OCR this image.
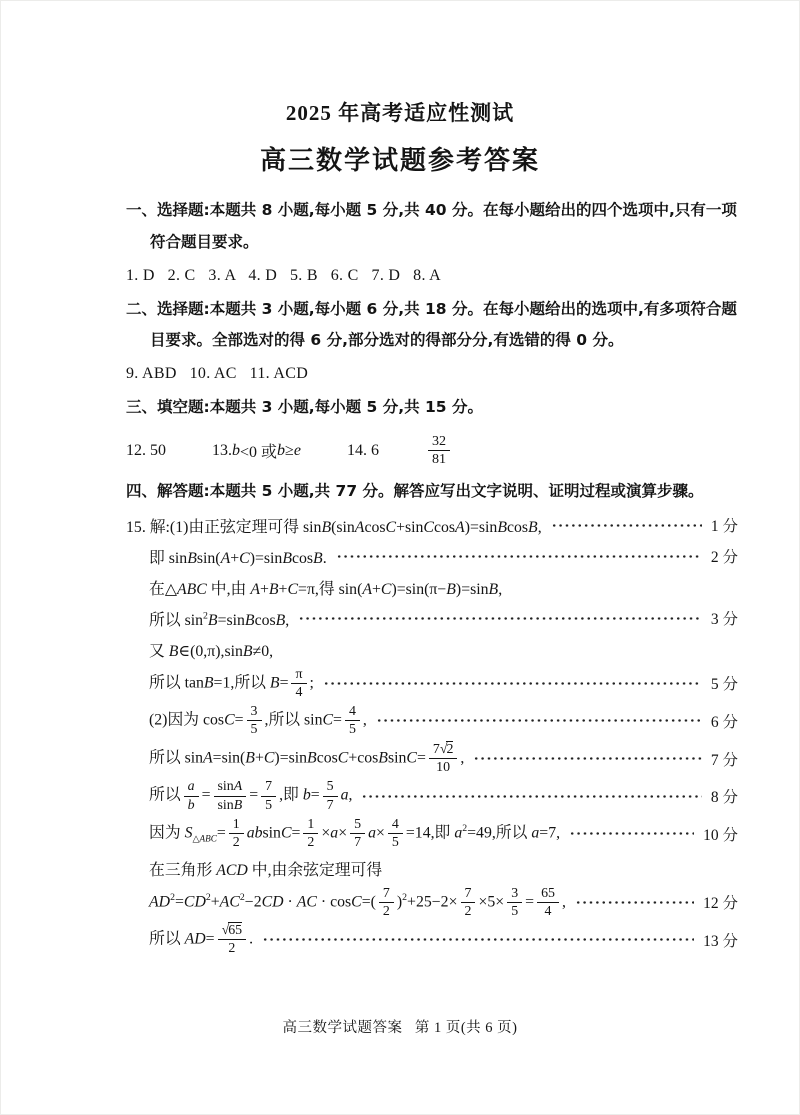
2025 年高考适应性测试
高三数学试题参考答案

一、选择题:本题共 8 小题,每小题 5 分,共 40 分。在每小题给出的四个选项中,只有一项符合题目要求。

1. D   2. C   3. A   4. D   5. B   6. C   7. D   8. A

二、选择题:本题共 3 小题,每小题 6 分,共 18 分。在每小题给出的选项中,有多项符合题目要求。全部选对的得 6 分,部分选对的得部分分,有选错的得 0 分。

9. ABD   10. AC   11. ACD

三、填空题:本题共 3 小题,每小题 5 分,共 15 分。

12. 50	13. b <0 或 b ≥ e	14. 6	$\frac{32}{81}$

四、解答题:本题共 5 小题,共 77 分。解答应写出文字说明、证明过程或演算步骤。

15. 解:(1)由正弦定理可得 sinB(sinAcosC+sinCcosA)=sinBcosB,	1 分
即 sinBsin(A+C)=sinBcosB.	2 分
在△ABC 中,由 A+B+C=π,得 sin(A+C)=sin(π−B)=sinB,
所以 $\sin^2B=sinBcosB$,	3 分
又 B∈(0,π),sinB≠0,
所以 tanB=1,所以 $B= \frac{\pi}{4}$ ;	5 分
(2)因为 $\cos C= \frac{3}{5}$ ,所以 $\sin C= \frac{4}{5}$ ,	6 分
所以 sinA=sin(B+C)=sinBcosC+cosBsinC= $\frac{7√2}{10}$ ,	7 分
所以 $\frac{a}{b} = \frac{\sin A}{\sin B} = \frac{7}{5}$ ,即 $b= \frac{5}{7} a$,	8 分
因为 $S_{\triangle ABC}= \frac{1}{2} absinC= \frac{1}{2} \times a\times \frac{5}{7} a\times \frac{4}{5} =14$,即 $a^2=49$,所以 a=7,	10 分
在三角形 ACD 中,由余弦定理可得
$AD^2=CD^2+AC^2-2CD$ · AC · $\cos C=( \frac{7}{2} )^2+25-2\times \frac{7}{2} \times 5\times \frac{3}{5} = \frac{65}{4}$ ,	12 分
所以 $AD= \frac{√65}{2}$ .	13 分
高三数学试题答案   第 1 页(共 6 页)
